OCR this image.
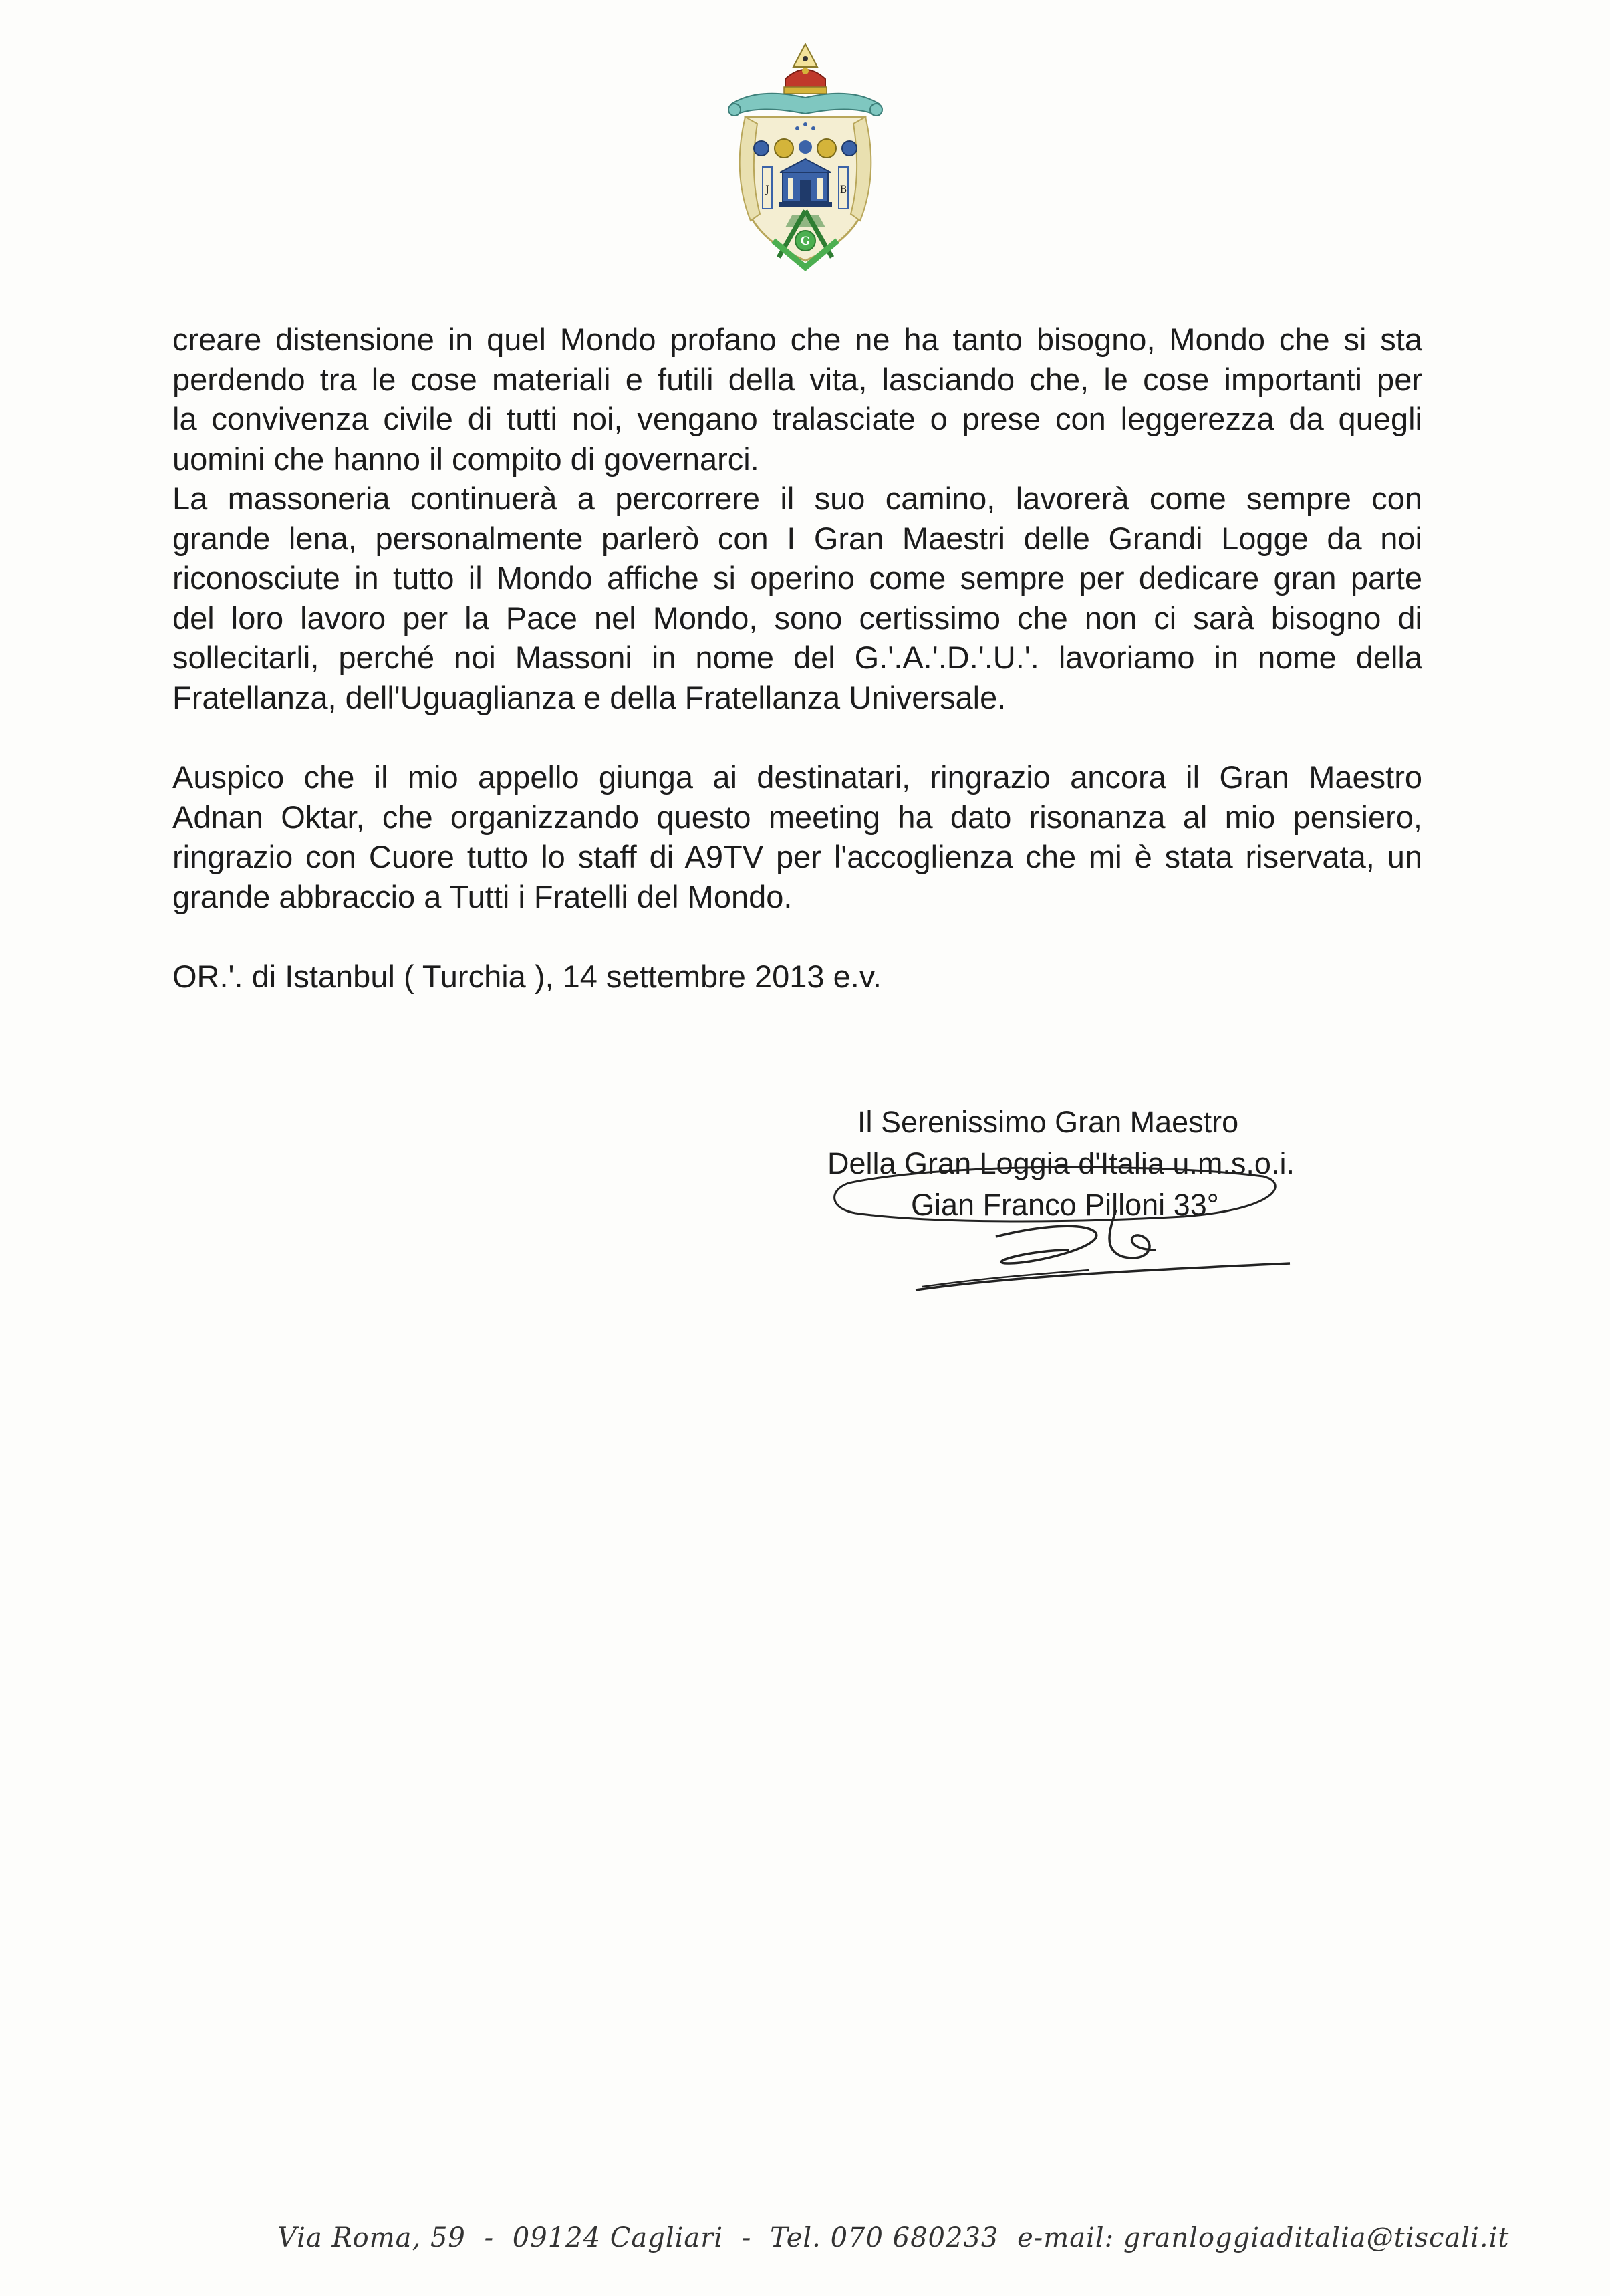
J	B
G

creare distensione in quel Mondo profano che ne ha tanto bisogno, Mondo che si sta
perdendo tra le cose materiali e futili della vita, lasciando che, le cose importanti per
la convivenza civile di tutti noi, vengano tralasciate o prese con leggerezza da quegli
uomini che hanno il compito di governarci.

La massoneria continuerà a percorrere il suo camino, lavorerà come sempre con
grande lena, personalmente parlerò con I Gran Maestri delle Grandi Logge da noi
riconosciute in tutto il Mondo affiche si operino come sempre per dedicare gran parte
del loro lavoro per la Pace nel Mondo, sono certissimo che non ci sarà bisogno di
sollecitarli, perché noi Massoni in nome del G.'.A.'.D.'.U.'. lavoriamo in nome della
Fratellanza, dell'Uguaglianza e della Fratellanza Universale.

Auspico che il mio appello giunga ai destinatari, ringrazio ancora il Gran Maestro
Adnan Oktar, che organizzando questo meeting ha dato risonanza al mio pensiero,
ringrazio con Cuore tutto lo staff di A9TV per l'accoglienza che mi è stata riservata, un
grande abbraccio a Tutti i Fratelli del Mondo.

OR.'. di Istanbul ( Turchia ), 14 settembre 2013 e.v.

Il Serenissimo Gran Maestro
Della Gran Loggia d'Italia u.m.s.o.i.
Gian Franco Pilloni 33°
Via Roma, 59 - 09124 Cagliari - Tel. 070 680233 e-mail: granloggiaditalia@tiscali.it
